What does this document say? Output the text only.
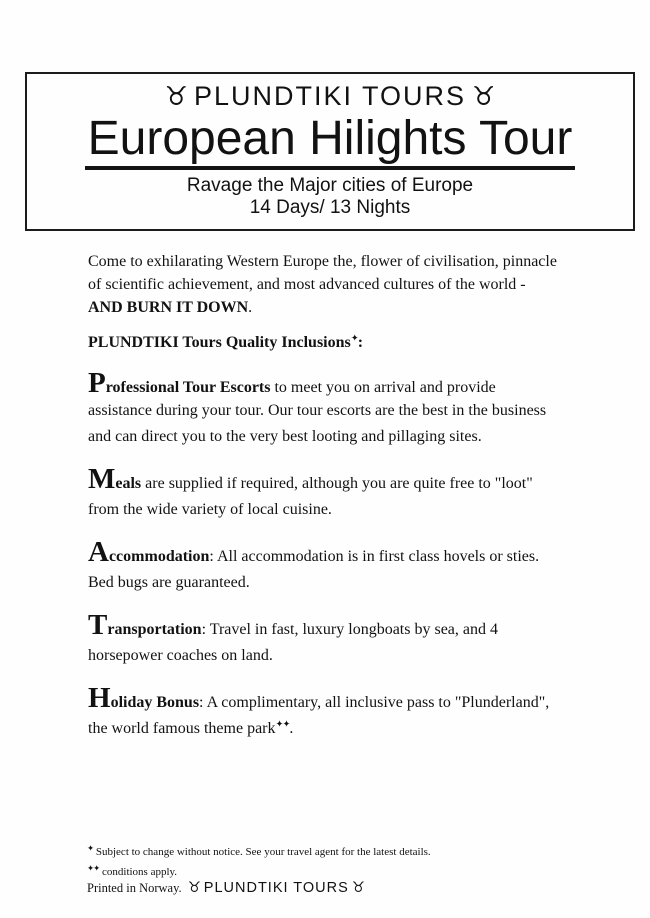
♉ PLUNDTIKI TOURS ♉
European Hilights Tour
Ravage the Major cities of Europe
14 Days/ 13 Nights

Come to exhilarating Western Europe the, flower of civilisation, pinnacle of scientific achievement, and most advanced cultures of the world - AND BURN IT DOWN.

PLUNDTIKI Tours Quality Inclusions✦:

Professional Tour Escorts to meet you on arrival and provide assistance during your tour. Our tour escorts are the best in the business and can direct you to the very best looting and pillaging sites.

Meals are supplied if required, although you are quite free to "loot" from the wide variety of local cuisine.

Accommodation: All accommodation is in first class hovels or sties. Bed bugs are guaranteed.

Transportation: Travel in fast, luxury longboats by sea, and 4 horsepower coaches on land.

Holiday Bonus: A complimentary, all inclusive pass to "Plunderland", the world famous theme park✦✦.

✦ Subject to change without notice. See your travel agent for the latest details.
✦✦ conditions apply.
Printed in Norway. ♉ PLUNDTIKI TOURS ♉
